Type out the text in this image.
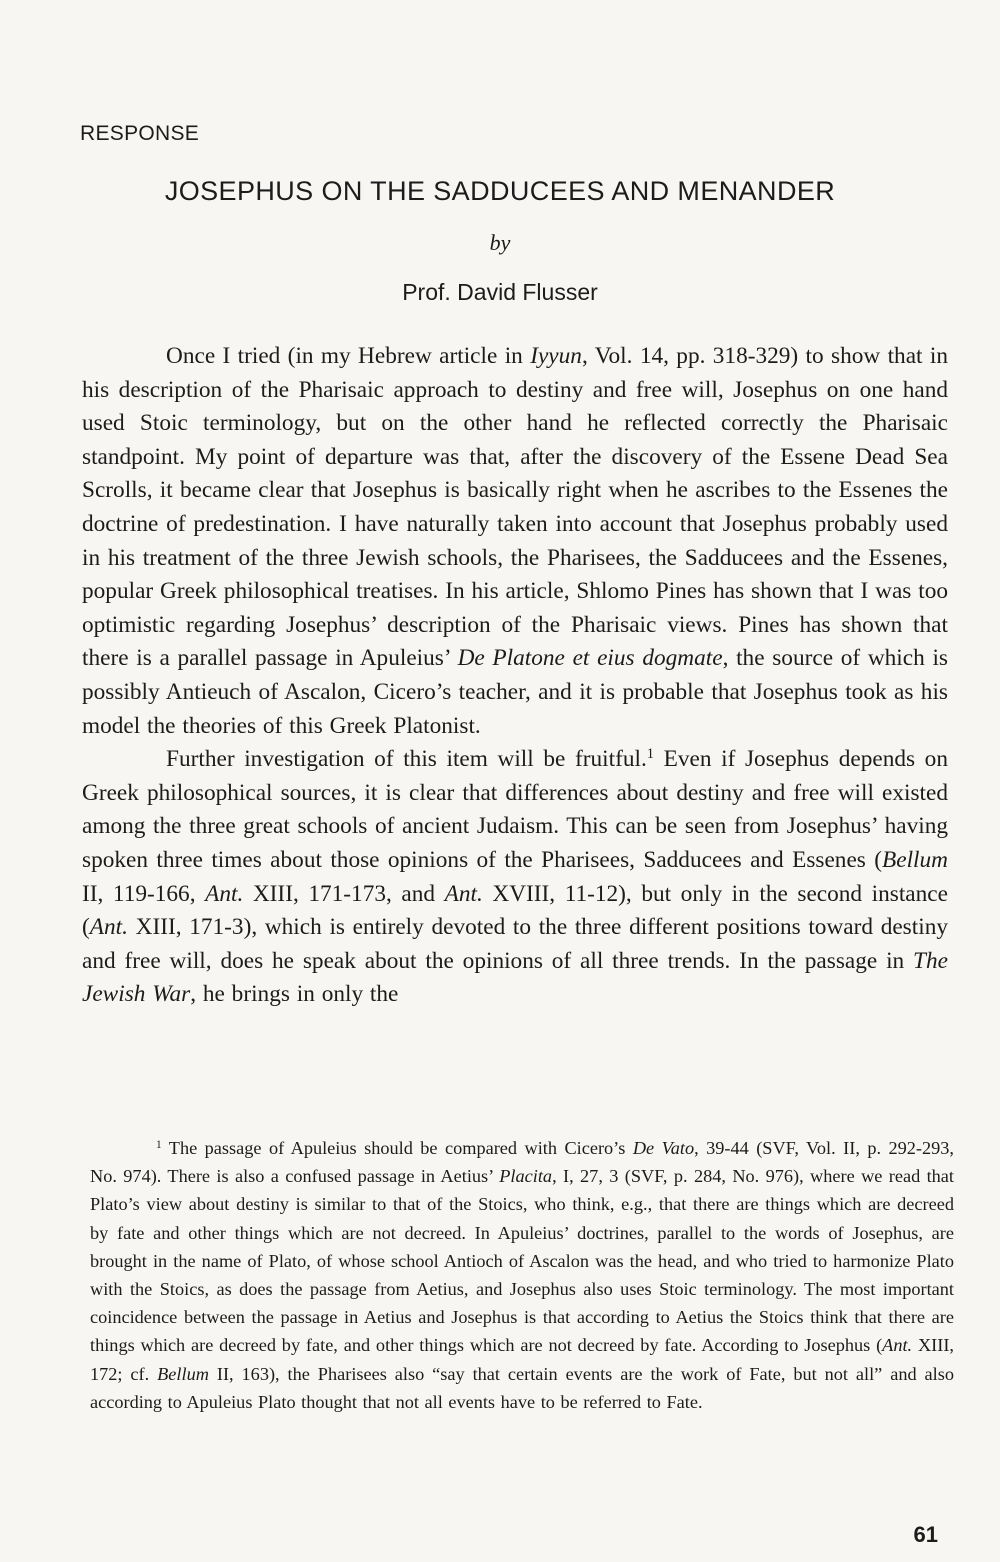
RESPONSE
JOSEPHUS ON THE SADDUCEES AND MENANDER
by
Prof. David Flusser

Once I tried (in my Hebrew article in Iyyun, Vol. 14, pp. 318-329) to show that in his description of the Pharisaic approach to destiny and free will, Josephus on one hand used Stoic terminology, but on the other hand he reflected correctly the Pharisaic standpoint. My point of departure was that, after the discovery of the Essene Dead Sea Scrolls, it became clear that Josephus is basically right when he ascribes to the Essenes the doctrine of predestination. I have naturally taken into account that Josephus probably used in his treatment of the three Jewish schools, the Pharisees, the Sadducees and the Essenes, popular Greek philosophical treatises. In his article, Shlomo Pines has shown that I was too optimistic regarding Josephus’ description of the Pharisaic views. Pines has shown that there is a parallel passage in Apuleius’ De Platone et eius dogmate, the source of which is possibly Antieuch of Ascalon, Cicero’s teacher, and it is probable that Josephus took as his model the theories of this Greek Platonist.

Further investigation of this item will be fruitful.$^1$ Even if Josephus depends on Greek philosophical sources, it is clear that differences about destiny and free will existed among the three great schools of ancient Judaism. This can be seen from Josephus’ having spoken three times about those opinions of the Pharisees, Sadducees and Essenes (Bellum II, 119-166, Ant. XIII, 171-173, and Ant. XVIII, 11-12), but only in the second instance (Ant. XIII, 171-3), which is entirely devoted to the three different positions toward destiny and free will, does he speak about the opinions of all three trends. In the passage in The Jewish War, he brings in only the

$^1$ The passage of Apuleius should be compared with Cicero’s De Vato, 39-44 (SVF, Vol. II, p. 292-293, No. 974). There is also a confused passage in Aetius’ Placita, I, 27, 3 (SVF, p. 284, No. 976), where we read that Plato’s view about destiny is similar to that of the Stoics, who think, e.g., that there are things which are decreed by fate and other things which are not decreed. In Apuleius’ doctrines, parallel to the words of Josephus, are brought in the name of Plato, of whose school Antioch of Ascalon was the head, and who tried to harmonize Plato with the Stoics, as does the passage from Aetius, and Josephus also uses Stoic terminology. The most important coincidence between the passage in Aetius and Josephus is that according to Aetius the Stoics think that there are things which are decreed by fate, and other things which are not decreed by fate. According to Josephus (Ant. XIII, 172; cf. Bellum II, 163), the Pharisees also “say that certain events are the work of Fate, but not all” and also according to Apuleius Plato thought that not all events have to be referred to Fate.

61
